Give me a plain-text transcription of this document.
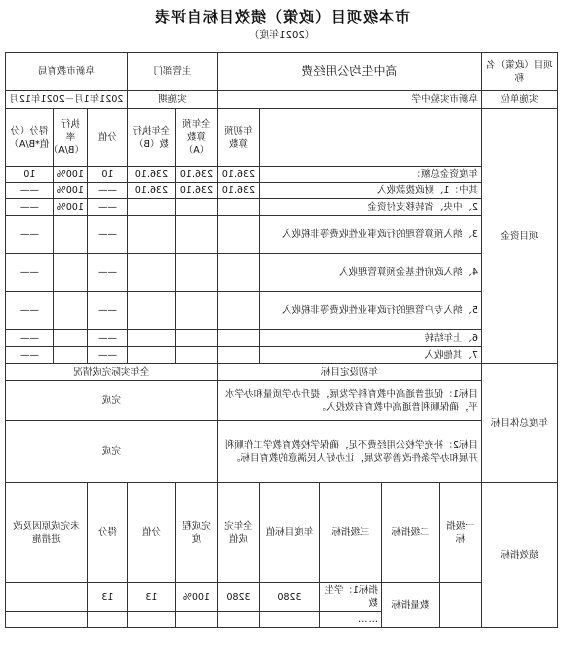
市本级项目（政策）绩效目标自评表
（2021年度）
项目（政策）名称	高中生均公用经费					主管部门		阜新市教育局		
实施单位	阜新市实验中学					实施期		2021年1月－2021年12月		
项目资金					年初预算数	全年预算数（A）	全年执行数（B）	分值	执行率（B/A）	得分（分值*B/A）
	年度资金总额：				236.10	236.10	236.10	10	100%	10
	其中：1、财政拨款收入				236.10	236.10	236.10	——	100%	——
	2、中央、省转移支付资金							——	100%	——
	3、纳入预算管理的行政事业性收费等非税收入							——		——
	4、纳入政府性基金预算管理收入							——		——
	5、纳入专户管理的行政事业性收费等非税收入							——		——
	6、上年结转							——		——
	7、其他收入							——		——
年度总体目标	年初设定目标					全年实际完成情况				
	目标1：促进普通高中教育科学发展，提升办学质量和办学水平，确保顺利普通高中教育有效投入。					完成				
	目标2：补充学校公用经费不足，确保学校教育教学工作顺利开展和办学条件改善等发展，让办好人民满意的教育目标。					完成				
绩效指标	一级指标	二级指标	三级指标	年度目标值	全年完成值	完成程度	分值	得分	未完成原因及改进措施	
		数量指标	指标1：学生数	3280	3280	100%	13	13		
			……							
